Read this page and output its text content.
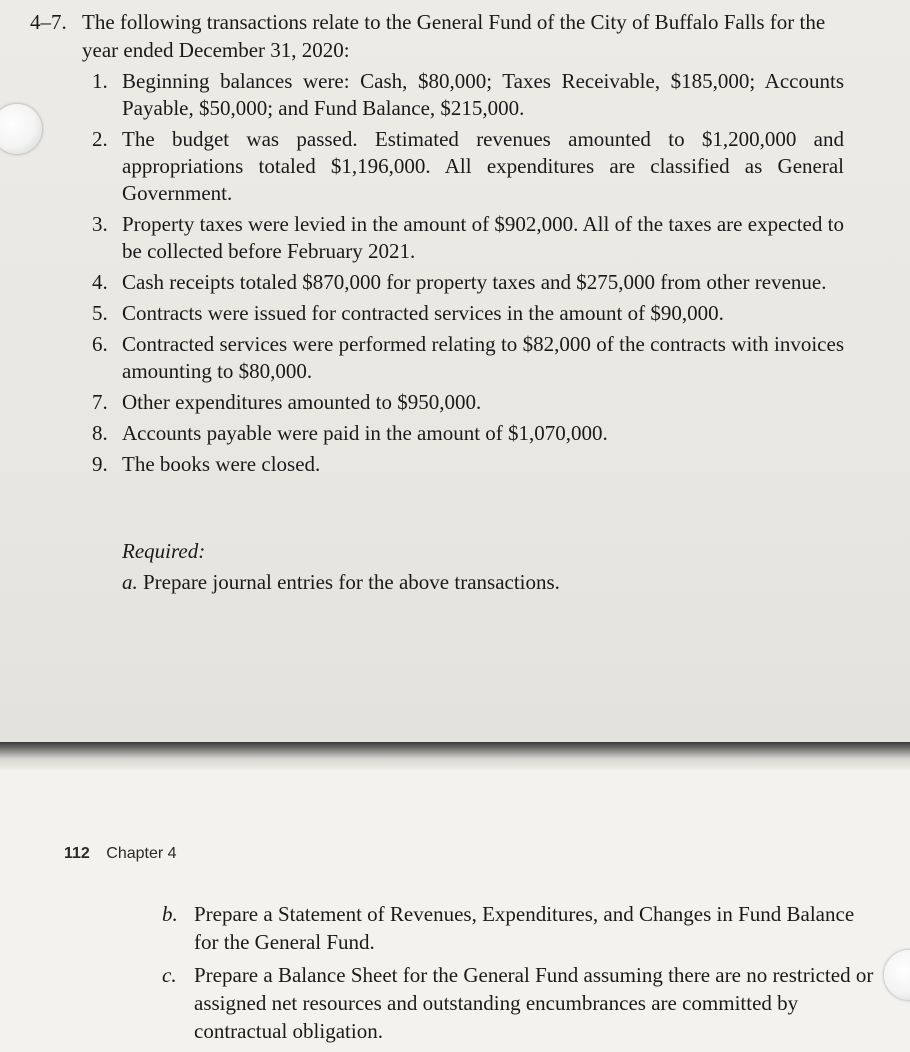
4–7. The following transactions relate to the General Fund of the City of Buffalo Falls for the year ended December 31, 2020:
1. Beginning balances were: Cash, $80,000; Taxes Receivable, $185,000; Accounts Payable, $50,000; and Fund Balance, $215,000.
2. The budget was passed. Estimated revenues amounted to $1,200,000 and appropriations totaled $1,196,000. All expenditures are classified as General Government.
3. Property taxes were levied in the amount of $902,000. All of the taxes are expected to be collected before February 2021.
4. Cash receipts totaled $870,000 for property taxes and $275,000 from other revenue.
5. Contracts were issued for contracted services in the amount of $90,000.
6. Contracted services were performed relating to $82,000 of the contracts with invoices amounting to $80,000.
7. Other expenditures amounted to $950,000.
8. Accounts payable were paid in the amount of $1,070,000.
9. The books were closed.
Required:
a. Prepare journal entries for the above transactions.
112 Chapter 4
b. Prepare a Statement of Revenues, Expenditures, and Changes in Fund Balance for the General Fund.
c. Prepare a Balance Sheet for the General Fund assuming there are no restricted or assigned net resources and outstanding encumbrances are committed by contractual obligation.
